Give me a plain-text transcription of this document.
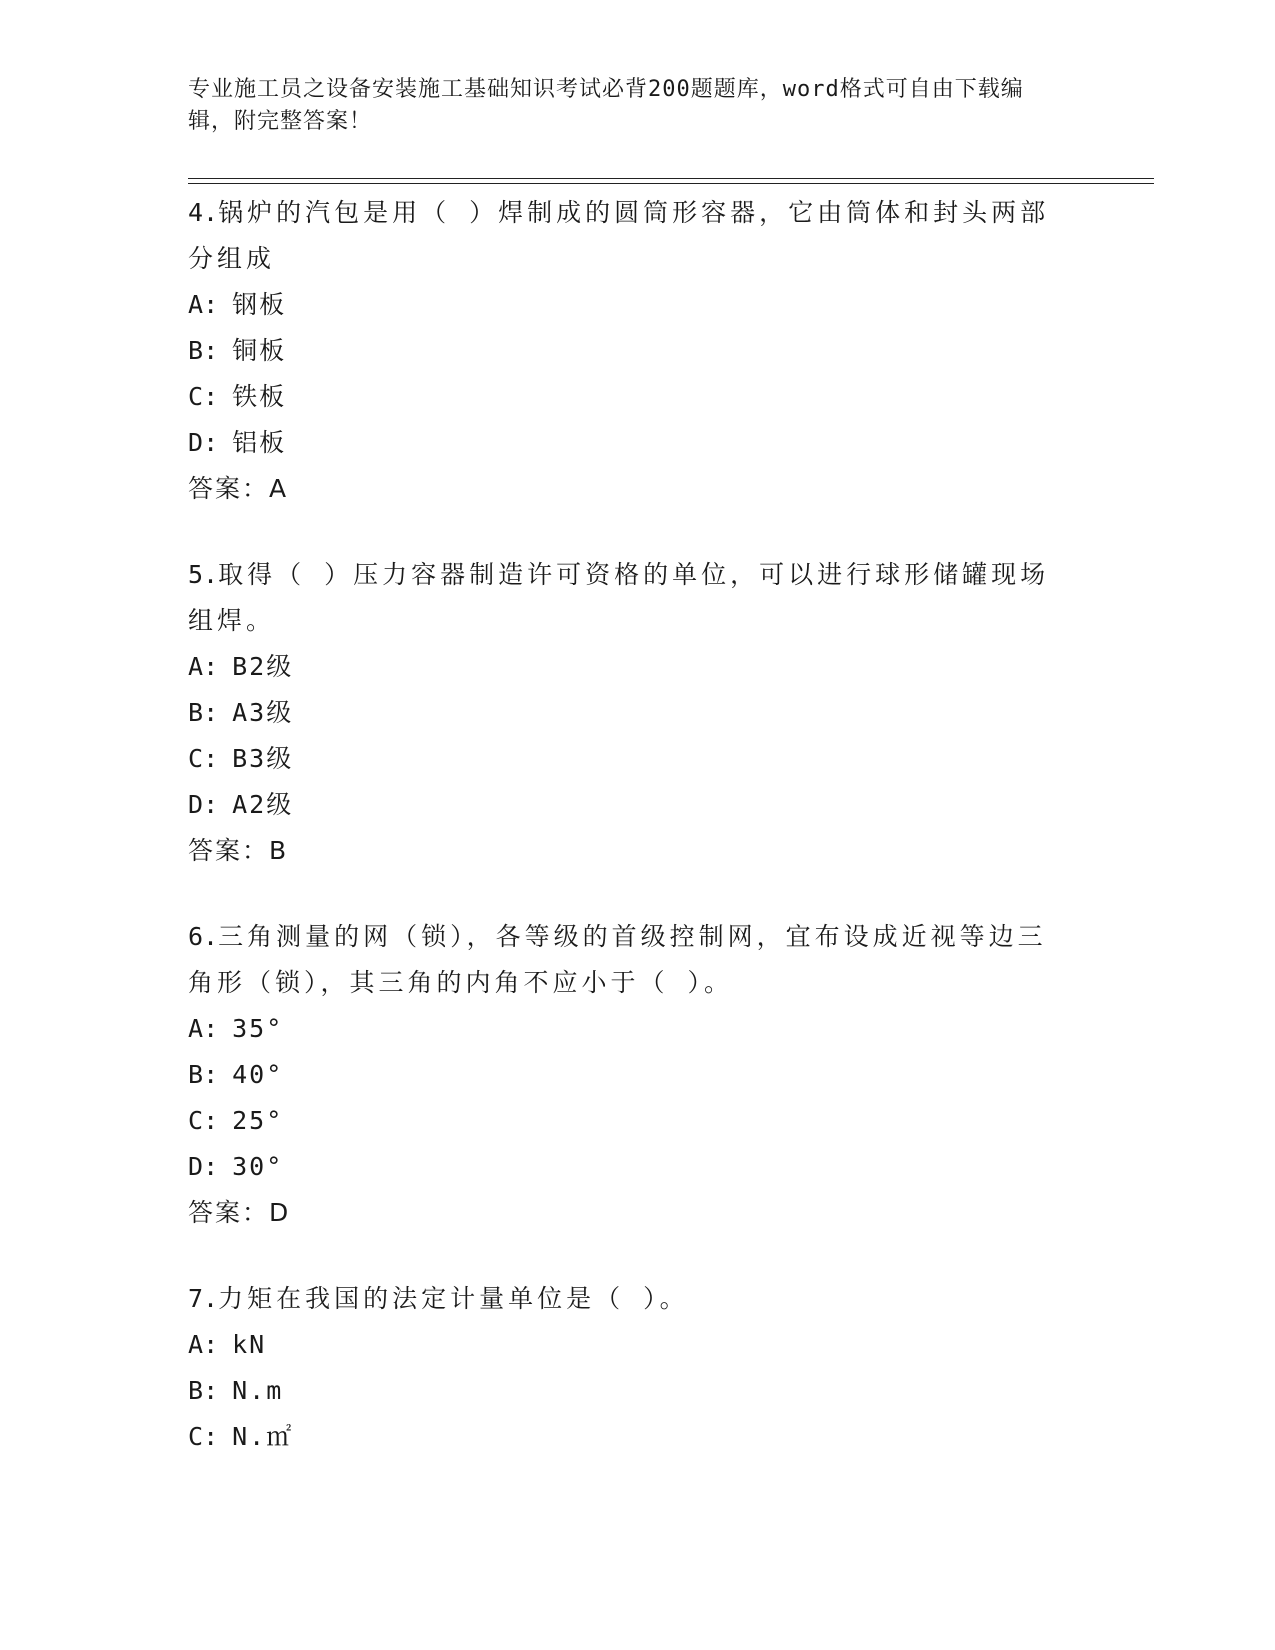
专业施工员之设备安装施工基础知识考试必背200题题库，word格式可自由下载编辑，附完整答案！
4.锅炉的汽包是用（ ）焊制成的圆筒形容器，它由筒体和封头两部分组成
A: 钢板
B: 铜板
C: 铁板
D: 铝板
答案：A
5.取得（ ）压力容器制造许可资格的单位，可以进行球形储罐现场组焊。
A: B2级
B: A3级
C: B3级
D: A2级
答案：B
6.三角测量的网（锁），各等级的首级控制网，宜布设成近视等边三角形（锁），其三角的内角不应小于（ ）。
A: 35°
B: 40°
C: 25°
D: 30°
答案：D
7.力矩在我国的法定计量单位是（ ）。
A: kN
B: N.m
C: N.㎡
